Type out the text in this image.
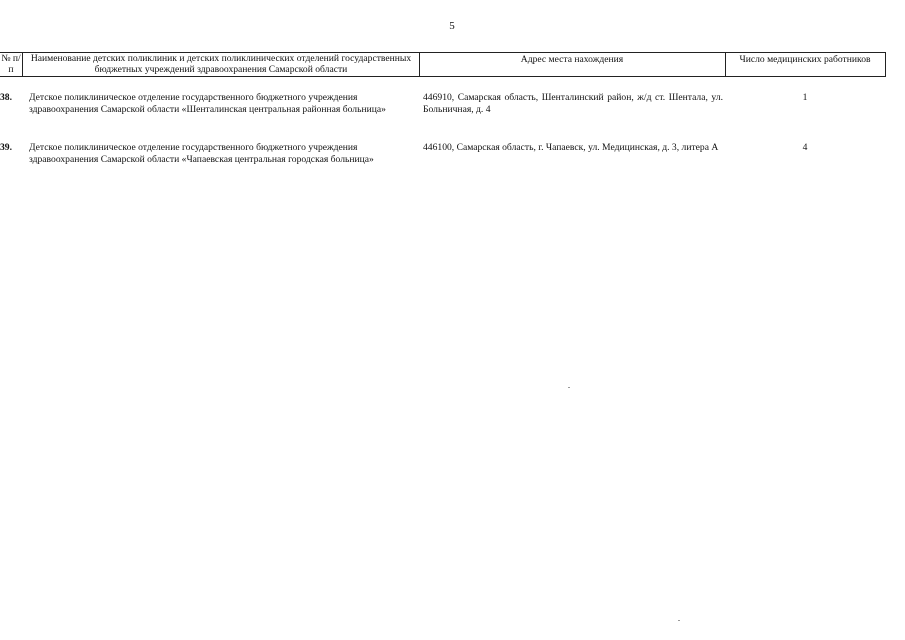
5
№ п/п
Наименование детских поликлиник и детских поликлинических отделений государственных бюджетных учреждений здравоохранения Самарской области
Адрес места нахождения	Число медицинских работников
38. Детское поликлиническое отделение государственного бюджетного учреждения здравоохранения Самарской области «Шенталинская центральная районная больница»
446910, Самарская область, Шенталинский район, ж/д ст. Шентала, ул. Больничная, д. 4
1
39. Детское поликлиническое отделение государственного бюджетного учреждения здравоохранения Самарской области «Чапаевская центральная городская больница»
446100, Самарская область, г. Чапаевск, ул. Медицинская, д. 3, литера А	4
